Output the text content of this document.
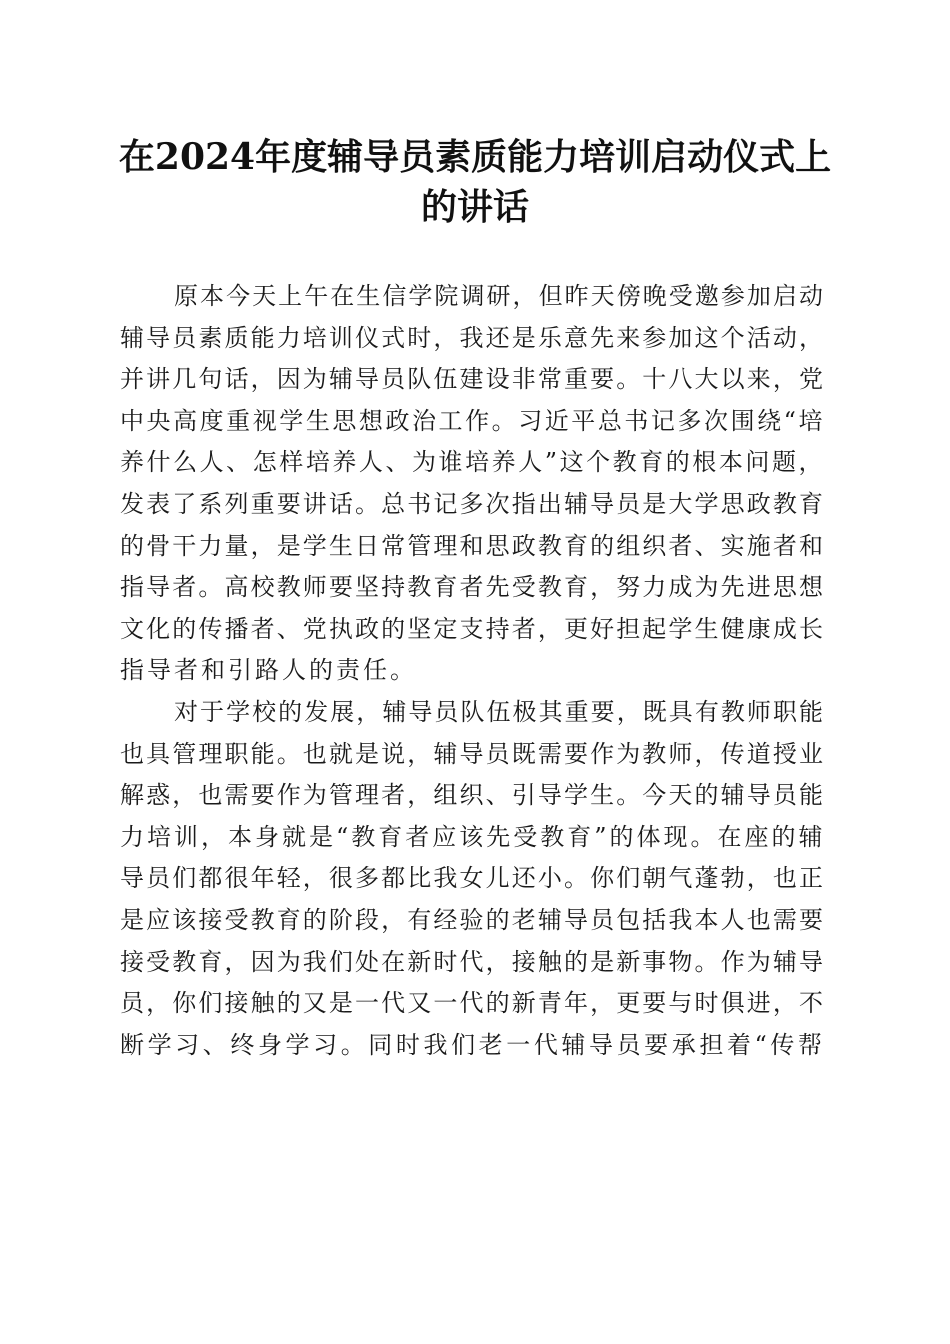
在2024年度辅导员素质能力培训启动仪式上
的讲话
原本今天上午在生信学院调研，但昨天傍晚受邀参加启动
辅导员素质能力培训仪式时，我还是乐意先来参加这个活动，
并讲几句话，因为辅导员队伍建设非常重要。十八大以来，党
中央高度重视学生思想政治工作。习近平总书记多次围绕“培
养什么人、怎样培养人、为谁培养人”这个教育的根本问题，
发表了系列重要讲话。总书记多次指出辅导员是大学思政教育
的骨干力量，是学生日常管理和思政教育的组织者、实施者和
指导者。高校教师要坚持教育者先受教育，努力成为先进思想
文化的传播者、党执政的坚定支持者，更好担起学生健康成长
指导者和引路人的责任。
对于学校的发展，辅导员队伍极其重要，既具有教师职能
也具管理职能。也就是说，辅导员既需要作为教师，传道授业
解惑，也需要作为管理者，组织、引导学生。今天的辅导员能
力培训，本身就是“教育者应该先受教育”的体现。在座的辅
导员们都很年轻，很多都比我女儿还小。你们朝气蓬勃，也正
是应该接受教育的阶段，有经验的老辅导员包括我本人也需要
接受教育，因为我们处在新时代，接触的是新事物。作为辅导
员，你们接触的又是一代又一代的新青年，更要与时俱进，不
断学习、终身学习。同时我们老一代辅导员要承担着“传帮
